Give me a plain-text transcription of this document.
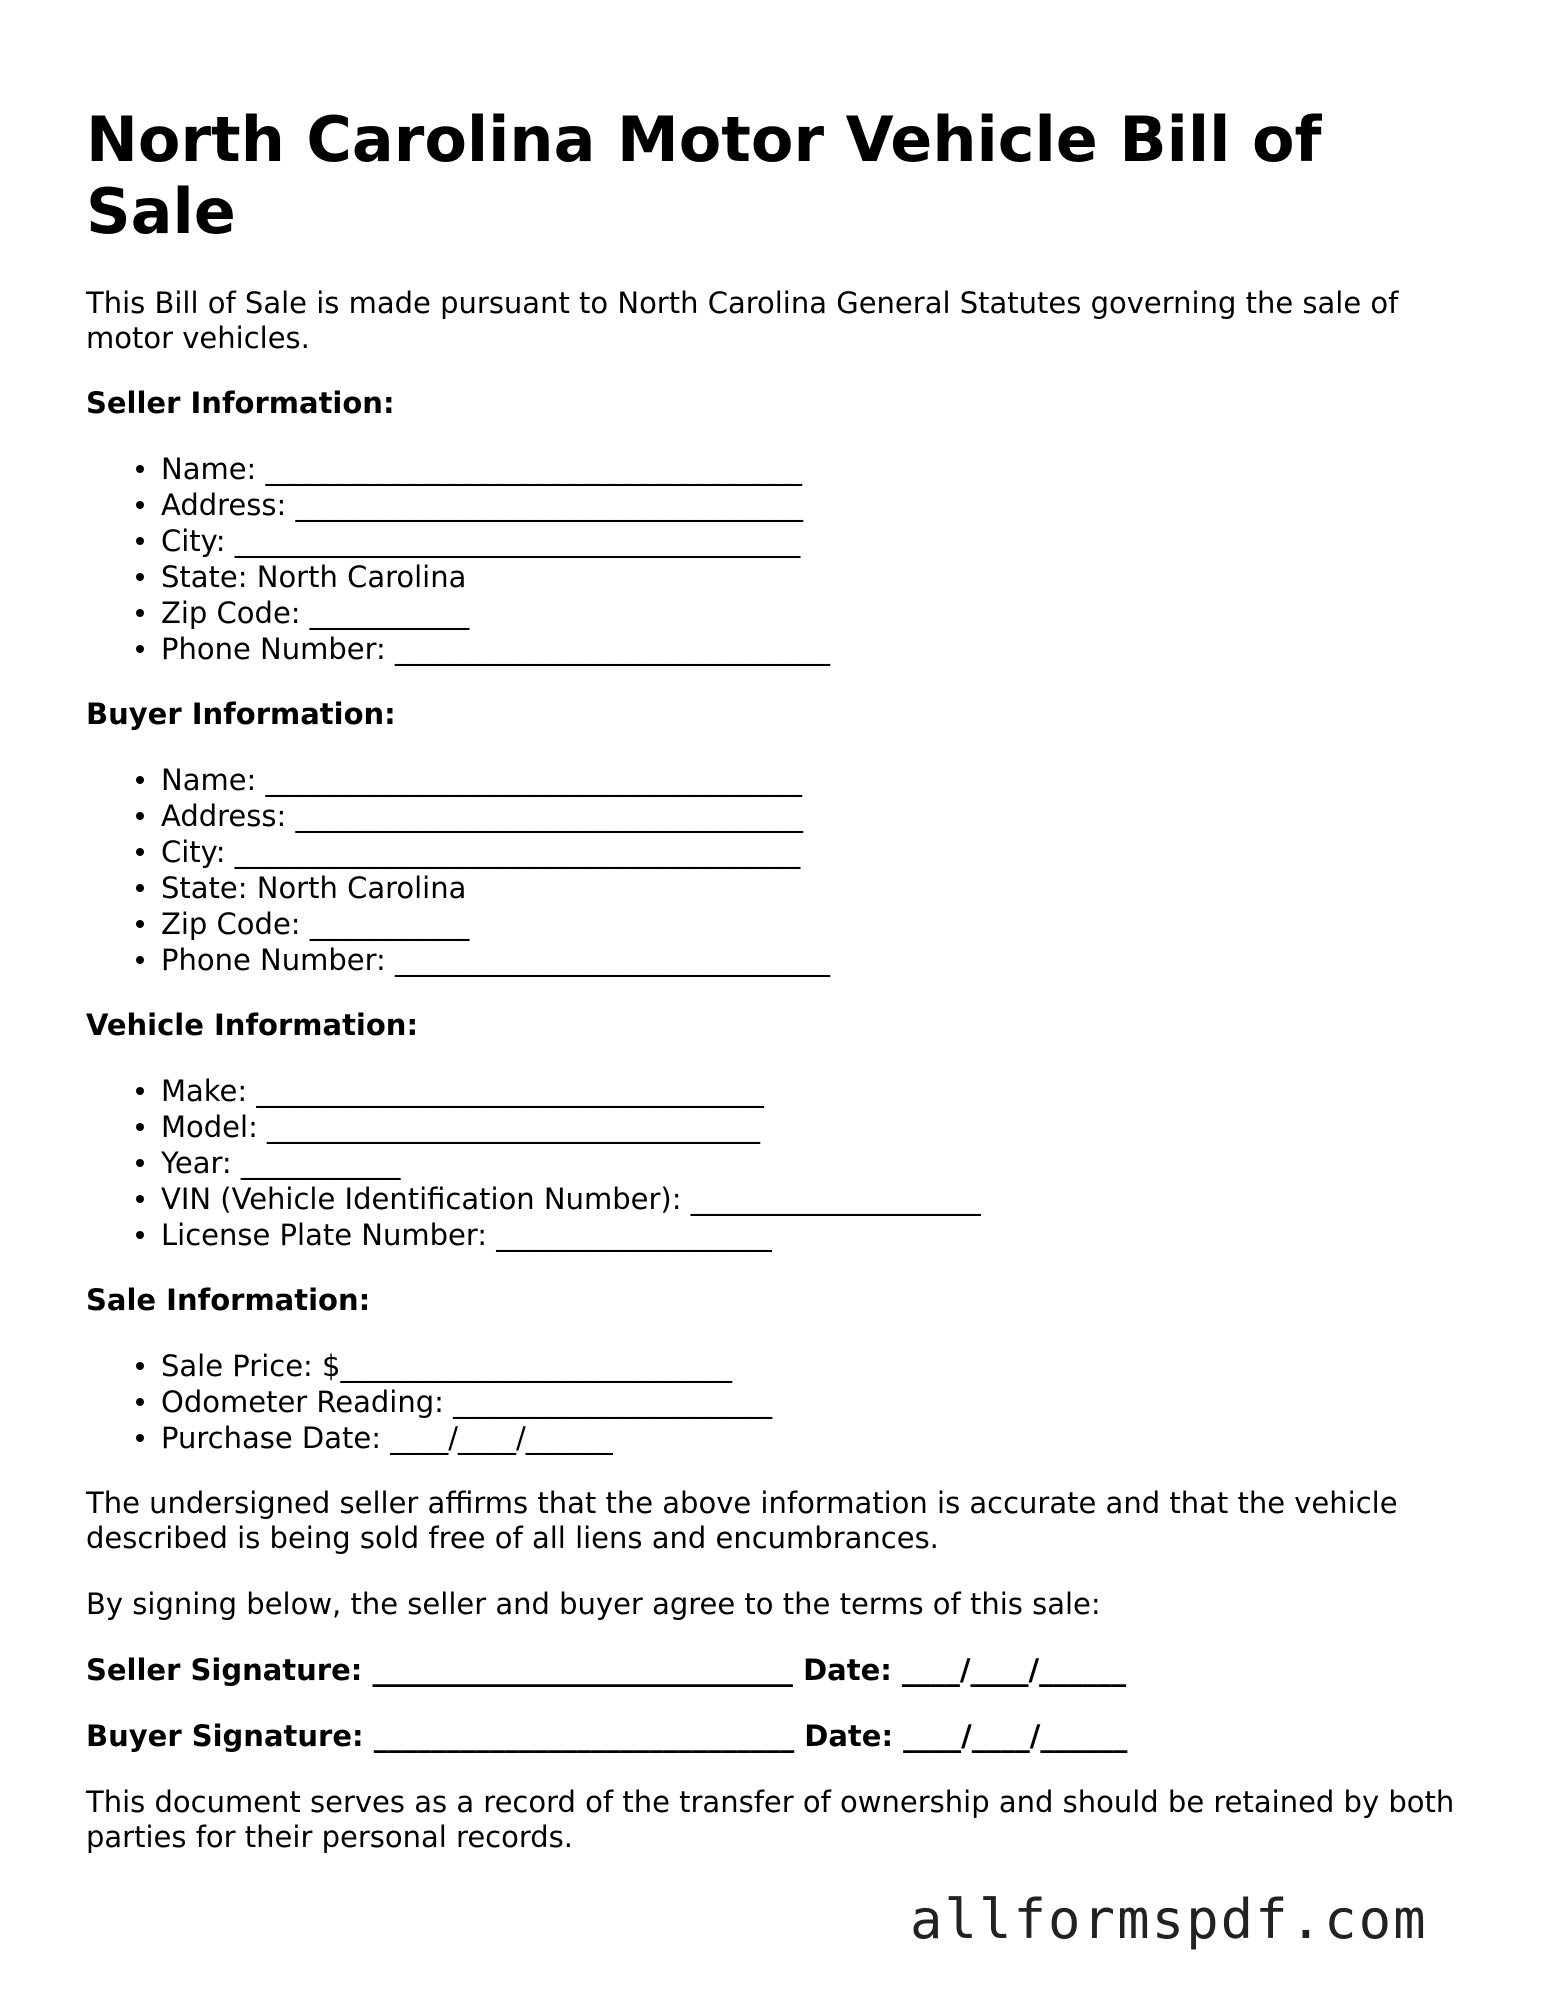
North Carolina Motor Vehicle Bill of Sale

This Bill of Sale is made pursuant to North Carolina General Statutes governing the sale of motor vehicles.

Seller Information:

Name: _____________________________________
Address: ___________________________________
City: _______________________________________
State: North Carolina
Zip Code: ___________
Phone Number: ______________________________

Buyer Information:

Name: _____________________________________
Address: ___________________________________
City: _______________________________________
State: North Carolina
Zip Code: ___________
Phone Number: ______________________________

Vehicle Information:

Make: ___________________________________
Model: __________________________________
Year: ___________
VIN (Vehicle Identification Number): ____________________
License Plate Number: ___________________

Sale Information:

Sale Price: $___________________________
Odometer Reading: ______________________
Purchase Date: ____/____/______

The undersigned seller affirms that the above information is accurate and that the vehicle described is being sold free of all liens and encumbrances.

By signing below, the seller and buyer agree to the terms of this sale:

Seller Signature: _____________________________ Date: ____/____/______

Buyer Signature: _____________________________ Date: ____/____/______

This document serves as a record of the transfer of ownership and should be retained by both parties for their personal records.

allformspdf.com
